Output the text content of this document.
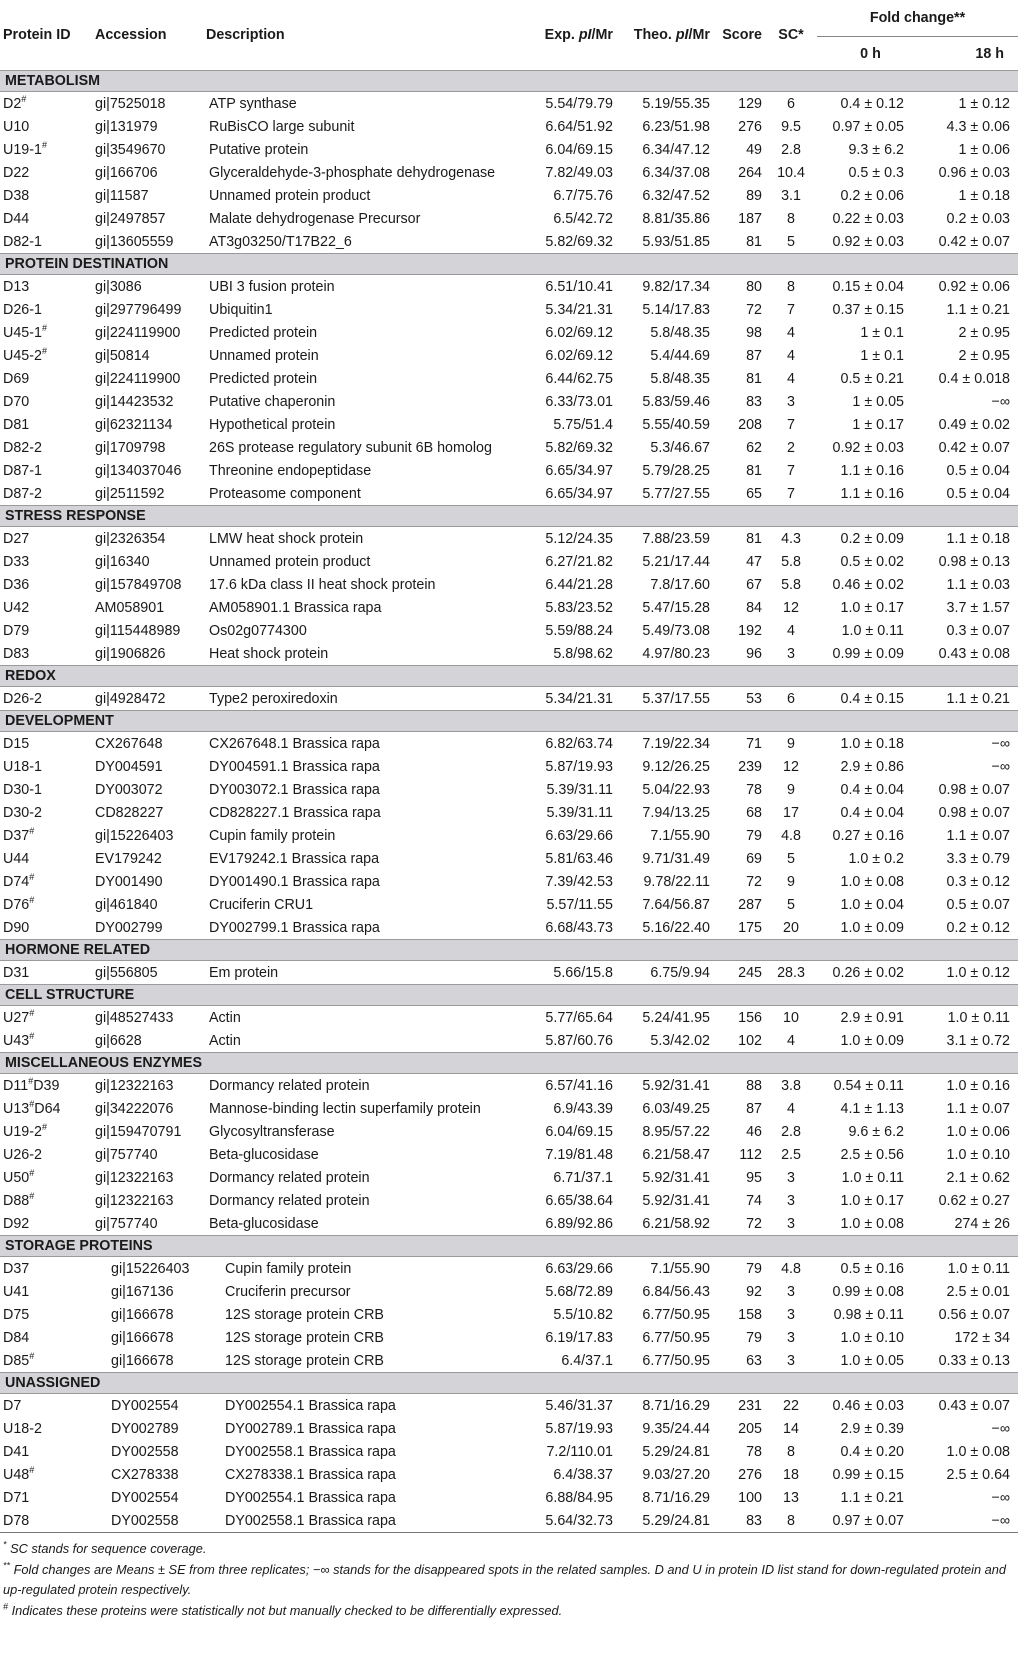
Protein ID	Accession	Description	Exp. pI/Mr	Theo. pI/Mr	Score	SC*	Fold change**	
							0 h	18 h
METABOLISM								
D2#	gi|7525018	ATP synthase	5.54/79.79	5.19/55.35	129	6	0.4 ± 0.12	1 ± 0.12
U10	gi|131979	RuBisCO large subunit	6.64/51.92	6.23/51.98	276	9.5	0.97 ± 0.05	4.3 ± 0.06
U19-1#	gi|3549670	Putative protein	6.04/69.15	6.34/47.12	49	2.8	9.3 ± 6.2	1 ± 0.06
D22	gi|166706	Glyceraldehyde-3-phosphate dehydrogenase	7.82/49.03	6.34/37.08	264	10.4	0.5 ± 0.3	0.96 ± 0.03
D38	gi|11587	Unnamed protein product	6.7/75.76	6.32/47.52	89	3.1	0.2 ± 0.06	1 ± 0.18
D44	gi|2497857	Malate dehydrogenase Precursor	6.5/42.72	8.81/35.86	187	8	0.22 ± 0.03	0.2 ± 0.03
D82-1	gi|13605559	AT3g03250/T17B22_6	5.82/69.32	5.93/51.85	81	5	0.92 ± 0.03	0.42 ± 0.07
PROTEIN DESTINATION								
D13	gi|3086	UBI 3 fusion protein	6.51/10.41	9.82/17.34	80	8	0.15 ± 0.04	0.92 ± 0.06
D26-1	gi|297796499	Ubiquitin1	5.34/21.31	5.14/17.83	72	7	0.37 ± 0.15	1.1 ± 0.21
U45-1#	gi|224119900	Predicted protein	6.02/69.12	5.8/48.35	98	4	1 ± 0.1	2 ± 0.95
U45-2#	gi|50814	Unnamed protein	6.02/69.12	5.4/44.69	87	4	1 ± 0.1	2 ± 0.95
D69	gi|224119900	Predicted protein	6.44/62.75	5.8/48.35	81	4	0.5 ± 0.21	0.4 ± 0.018
D70	gi|14423532	Putative chaperonin	6.33/73.01	5.83/59.46	83	3	1 ± 0.05	−∞
D81	gi|62321134	Hypothetical protein	5.75/51.4	5.55/40.59	208	7	1 ± 0.17	0.49 ± 0.02
D82-2	gi|1709798	26S protease regulatory subunit 6B homolog	5.82/69.32	5.3/46.67	62	2	0.92 ± 0.03	0.42 ± 0.07
D87-1	gi|134037046	Threonine endopeptidase	6.65/34.97	5.79/28.25	81	7	1.1 ± 0.16	0.5 ± 0.04
D87-2	gi|2511592	Proteasome component	6.65/34.97	5.77/27.55	65	7	1.1 ± 0.16	0.5 ± 0.04
STRESS RESPONSE								
D27	gi|2326354	LMW heat shock protein	5.12/24.35	7.88/23.59	81	4.3	0.2 ± 0.09	1.1 ± 0.18
D33	gi|16340	Unnamed protein product	6.27/21.82	5.21/17.44	47	5.8	0.5 ± 0.02	0.98 ± 0.13
D36	gi|157849708	17.6 kDa class II heat shock protein	6.44/21.28	7.8/17.60	67	5.8	0.46 ± 0.02	1.1 ± 0.03
U42	AM058901	AM058901.1 Brassica rapa	5.83/23.52	5.47/15.28	84	12	1.0 ± 0.17	3.7 ± 1.57
D79	gi|115448989	Os02g0774300	5.59/88.24	5.49/73.08	192	4	1.0 ± 0.11	0.3 ± 0.07
D83	gi|1906826	Heat shock protein	5.8/98.62	4.97/80.23	96	3	0.99 ± 0.09	0.43 ± 0.08
REDOX								
D26-2	gi|4928472	Type2 peroxiredoxin	5.34/21.31	5.37/17.55	53	6	0.4 ± 0.15	1.1 ± 0.21
DEVELOPMENT								
D15	CX267648	CX267648.1 Brassica rapa	6.82/63.74	7.19/22.34	71	9	1.0 ± 0.18	−∞
U18-1	DY004591	DY004591.1 Brassica rapa	5.87/19.93	9.12/26.25	239	12	2.9 ± 0.86	−∞
D30-1	DY003072	DY003072.1 Brassica rapa	5.39/31.11	5.04/22.93	78	9	0.4 ± 0.04	0.98 ± 0.07
D30-2	CD828227	CD828227.1 Brassica rapa	5.39/31.11	7.94/13.25	68	17	0.4 ± 0.04	0.98 ± 0.07
D37#	gi|15226403	Cupin family protein	6.63/29.66	7.1/55.90	79	4.8	0.27 ± 0.16	1.1 ± 0.07
U44	EV179242	EV179242.1 Brassica rapa	5.81/63.46	9.71/31.49	69	5	1.0 ± 0.2	3.3 ± 0.79
D74#	DY001490	DY001490.1 Brassica rapa	7.39/42.53	9.78/22.11	72	9	1.0 ± 0.08	0.3 ± 0.12
D76#	gi|461840	Cruciferin CRU1	5.57/11.55	7.64/56.87	287	5	1.0 ± 0.04	0.5 ± 0.07
D90	DY002799	DY002799.1 Brassica rapa	6.68/43.73	5.16/22.40	175	20	1.0 ± 0.09	0.2 ± 0.12
HORMONE RELATED								
D31	gi|556805	Em protein	5.66/15.8	6.75/9.94	245	28.3	0.26 ± 0.02	1.0 ± 0.12
CELL STRUCTURE								
U27#	gi|48527433	Actin	5.77/65.64	5.24/41.95	156	10	2.9 ± 0.91	1.0 ± 0.11
U43#	gi|6628	Actin	5.87/60.76	5.3/42.02	102	4	1.0 ± 0.09	3.1 ± 0.72
MISCELLANEOUS ENZYMES								
D11#D39	gi|12322163	Dormancy related protein	6.57/41.16	5.92/31.41	88	3.8	0.54 ± 0.11	1.0 ± 0.16
U13#D64	gi|34222076	Mannose-binding lectin superfamily protein	6.9/43.39	6.03/49.25	87	4	4.1 ± 1.13	1.1 ± 0.07
U19-2#	gi|159470791	Glycosyltransferase	6.04/69.15	8.95/57.22	46	2.8	9.6 ± 6.2	1.0 ± 0.06
U26-2	gi|757740	Beta-glucosidase	7.19/81.48	6.21/58.47	112	2.5	2.5 ± 0.56	1.0 ± 0.10
U50#	gi|12322163	Dormancy related protein	6.71/37.1	5.92/31.41	95	3	1.0 ± 0.11	2.1 ± 0.62
D88#	gi|12322163	Dormancy related protein	6.65/38.64	5.92/31.41	74	3	1.0 ± 0.17	0.62 ± 0.27
D92	gi|757740	Beta-glucosidase	6.89/92.86	6.21/58.92	72	3	1.0 ± 0.08	274 ± 26
STORAGE PROTEINS								
D37	gi|15226403	Cupin family protein	6.63/29.66	7.1/55.90	79	4.8	0.5 ± 0.16	1.0 ± 0.11
U41	gi|167136	Cruciferin precursor	5.68/72.89	6.84/56.43	92	3	0.99 ± 0.08	2.5 ± 0.01
D75	gi|166678	12S storage protein CRB	5.5/10.82	6.77/50.95	158	3	0.98 ± 0.11	0.56 ± 0.07
D84	gi|166678	12S storage protein CRB	6.19/17.83	6.77/50.95	79	3	1.0 ± 0.10	172 ± 34
D85#	gi|166678	12S storage protein CRB	6.4/37.1	6.77/50.95	63	3	1.0 ± 0.05	0.33 ± 0.13
UNASSIGNED								
D7	DY002554	DY002554.1 Brassica rapa	5.46/31.37	8.71/16.29	231	22	0.46 ± 0.03	0.43 ± 0.07
U18-2	DY002789	DY002789.1 Brassica rapa	5.87/19.93	9.35/24.44	205	14	2.9 ± 0.39	−∞
D41	DY002558	DY002558.1 Brassica rapa	7.2/110.01	5.29/24.81	78	8	0.4 ± 0.20	1.0 ± 0.08
U48#	CX278338	CX278338.1 Brassica rapa	6.4/38.37	9.03/27.20	276	18	0.99 ± 0.15	2.5 ± 0.64
D71	DY002554	DY002554.1 Brassica rapa	6.88/84.95	8.71/16.29	100	13	1.1 ± 0.21	−∞
D78	DY002558	DY002558.1 Brassica rapa	5.64/32.73	5.29/24.81	83	8	0.97 ± 0.07	−∞

* SC stands for sequence coverage.

** Fold changes are Means ± SE from three replicates; −∞ stands for the disappeared spots in the related samples. D and U in protein ID list stand for down-regulated protein and up-regulated protein respectively.

# Indicates these proteins were statistically not but manually checked to be differentially expressed.
